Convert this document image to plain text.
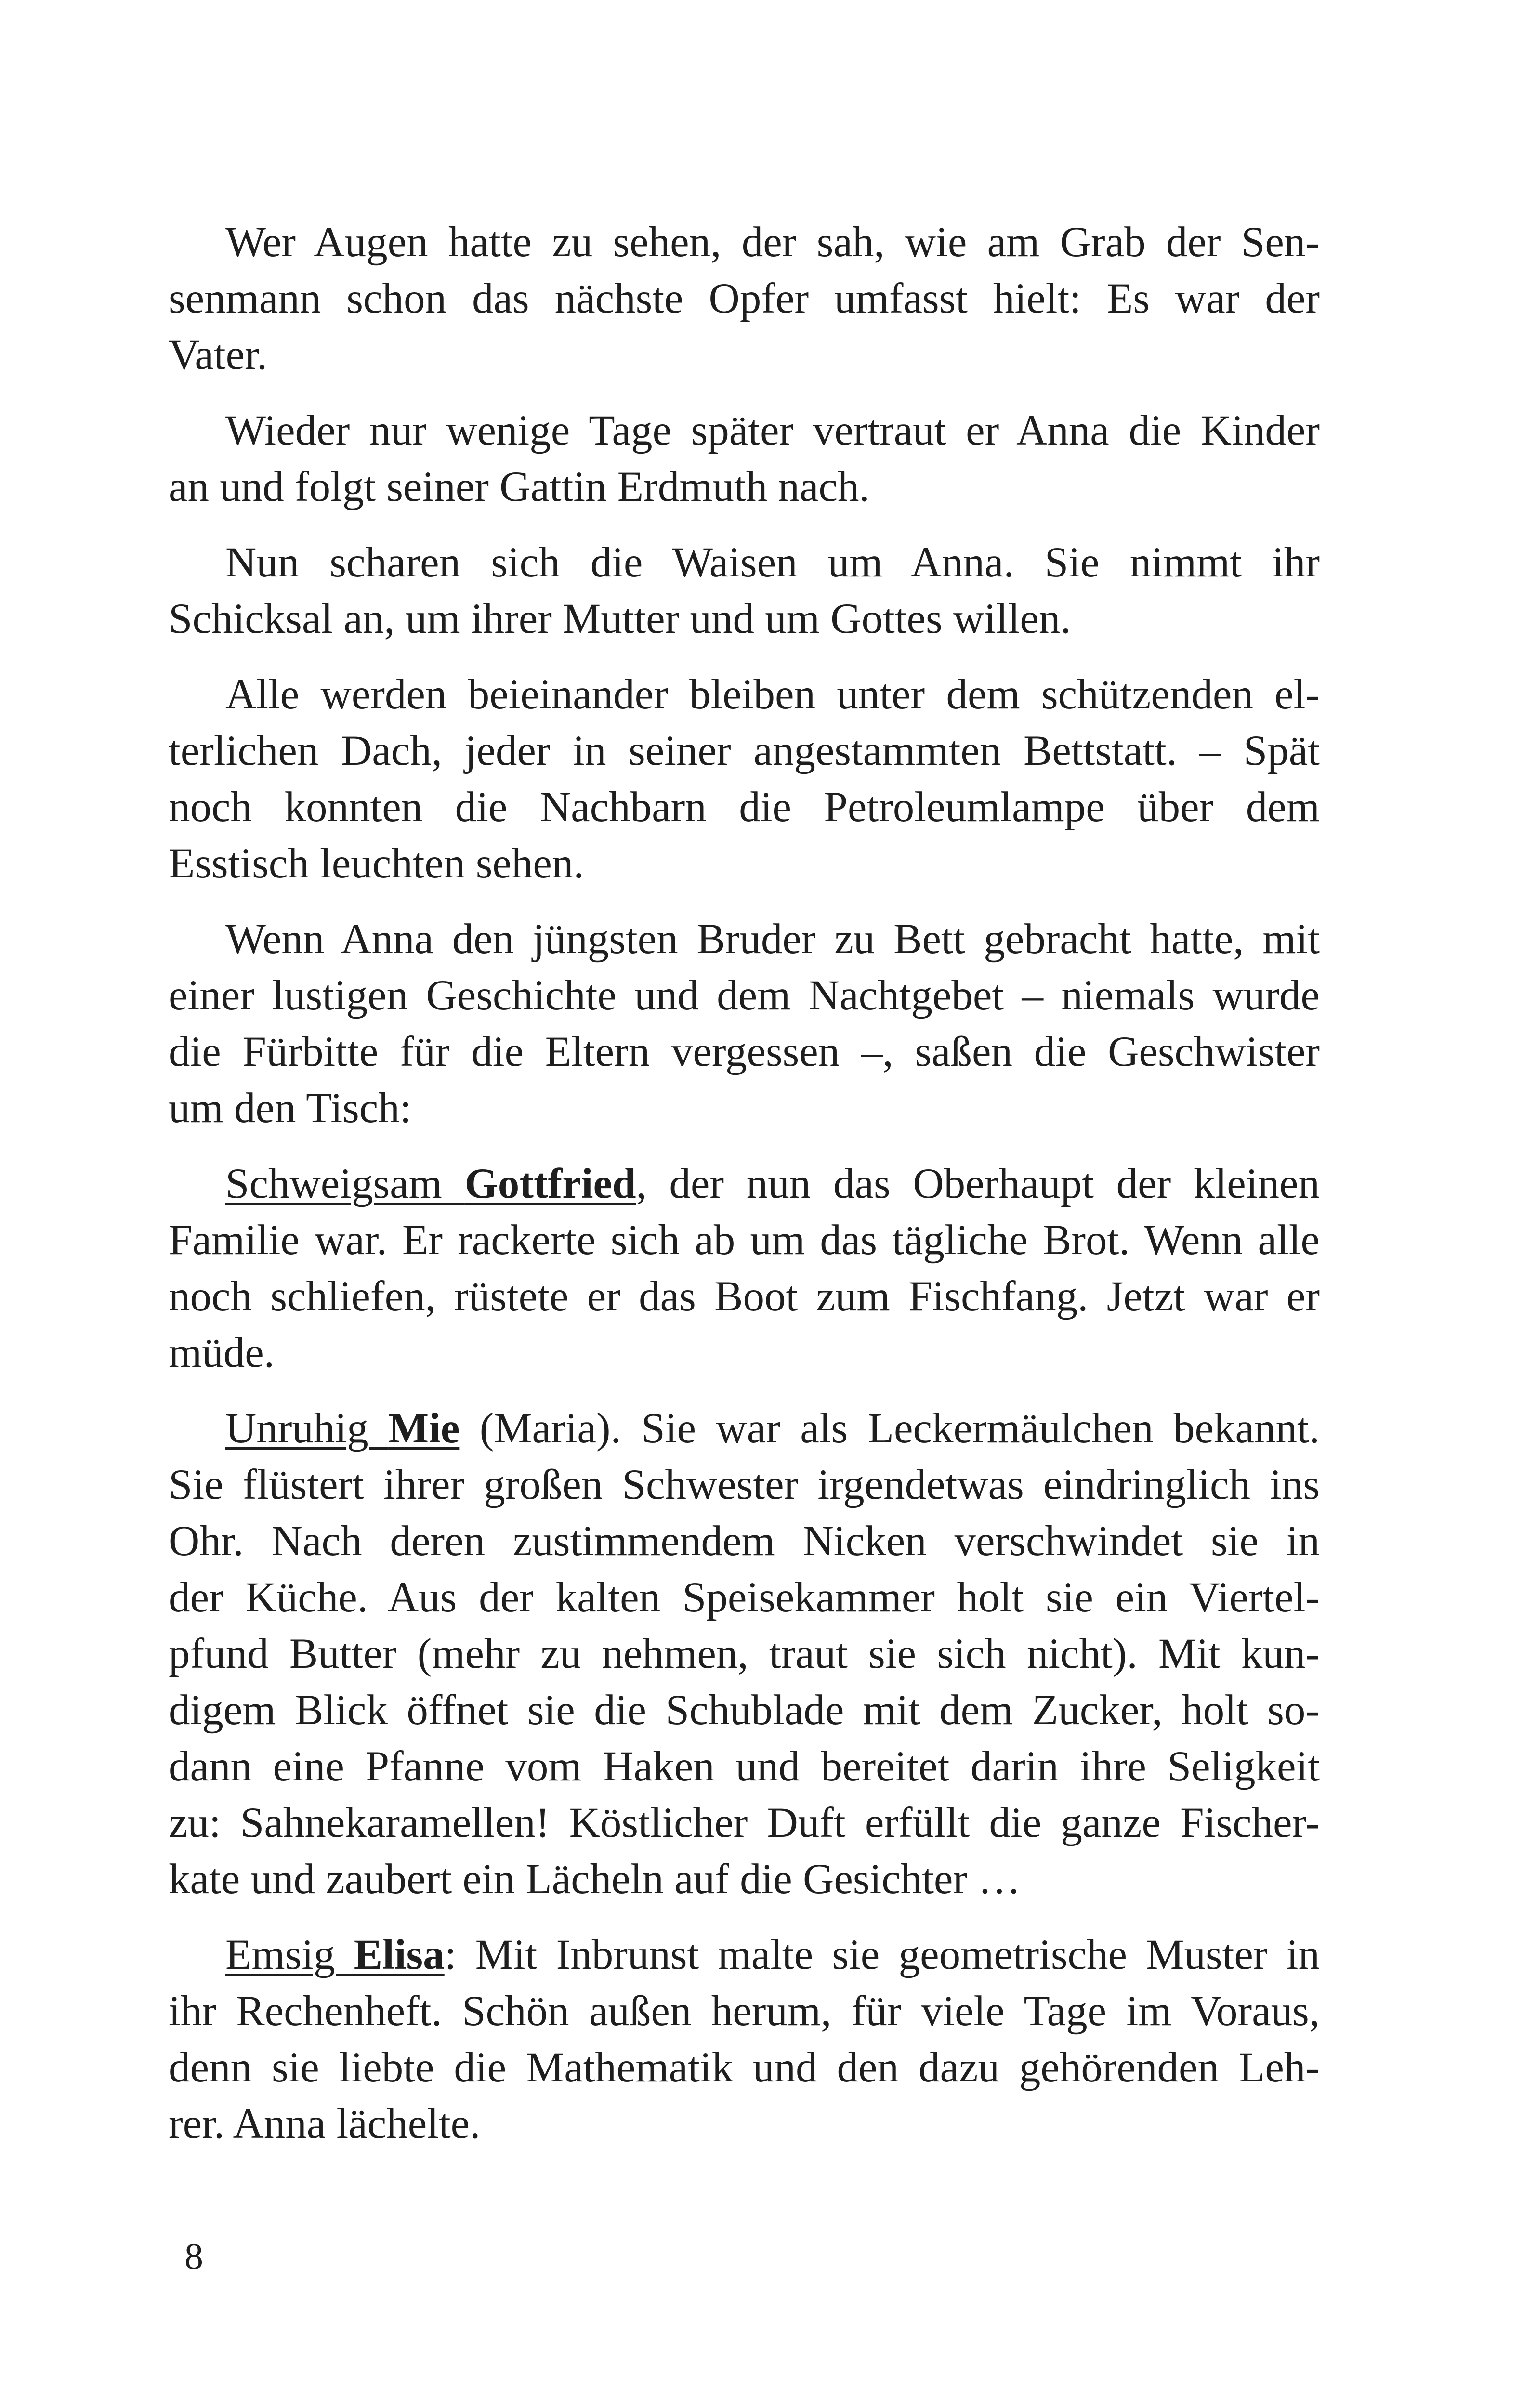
Wer Augen hatte zu sehen, der sah, wie am Grab der Sen-
senmann schon das nächste Opfer umfasst hielt: Es war der
Vater.
Wieder nur wenige Tage später vertraut er Anna die Kinder
an und folgt seiner Gattin Erdmuth nach.
Nun scharen sich die Waisen um Anna. Sie nimmt ihr
Schicksal an, um ihrer Mutter und um Gottes willen.
Alle werden beieinander bleiben unter dem schützenden el-
terlichen Dach, jeder in seiner angestammten Bettstatt. – Spät
noch konnten die Nachbarn die Petroleumlampe über dem
Esstisch leuchten sehen.
Wenn Anna den jüngsten Bruder zu Bett gebracht hatte, mit
einer lustigen Geschichte und dem Nachtgebet – niemals wurde
die Fürbitte für die Eltern vergessen –, saßen die Geschwister
um den Tisch:
Schweigsam Gottfried, der nun das Oberhaupt der kleinen
Familie war. Er rackerte sich ab um das tägliche Brot. Wenn alle
noch schliefen, rüstete er das Boot zum Fischfang. Jetzt war er
müde.
Unruhig Mie (Maria). Sie war als Leckermäulchen bekannt.
Sie flüstert ihrer großen Schwester irgendetwas eindringlich ins
Ohr. Nach deren zustimmendem Nicken verschwindet sie in
der Küche. Aus der kalten Speisekammer holt sie ein Viertel-
pfund Butter (mehr zu nehmen, traut sie sich nicht). Mit kun-
digem Blick öffnet sie die Schublade mit dem Zucker, holt so-
dann eine Pfanne vom Haken und bereitet darin ihre Seligkeit
zu: Sahnekaramellen! Köstlicher Duft erfüllt die ganze Fischer-
kate und zaubert ein Lächeln auf die Gesichter …
Emsig Elisa: Mit Inbrunst malte sie geometrische Muster in
ihr Rechenheft. Schön außen herum, für viele Tage im Voraus,
denn sie liebte die Mathematik und den dazu gehörenden Leh-
rer. Anna lächelte.
8
